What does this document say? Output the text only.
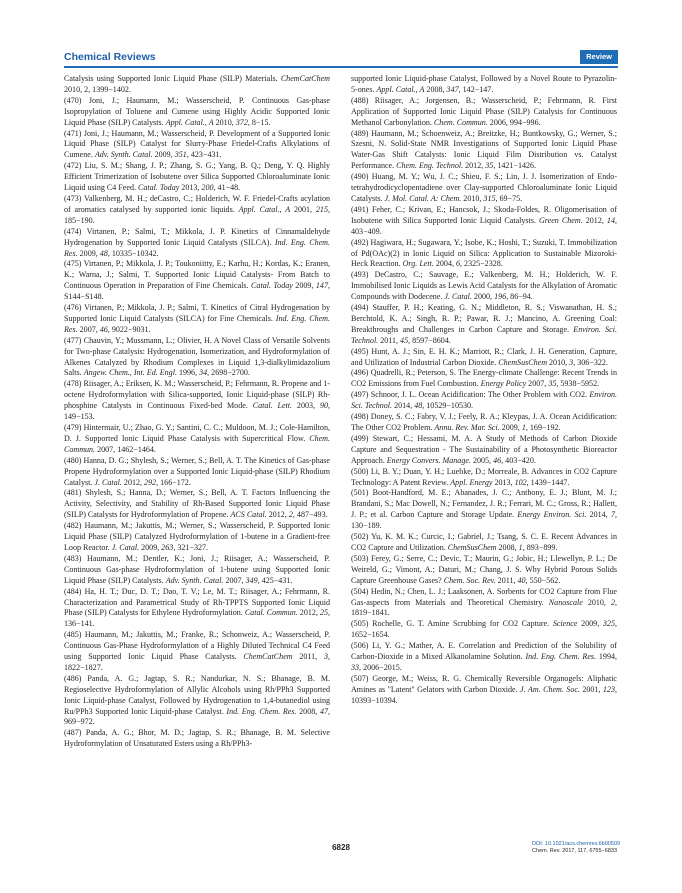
Chemical Reviews	Review

Catalysis using Supported Ionic Liquid Phase (SILP) Materials. ChemCatChem 2010, 2, 1399−1402.

(470) Joni, J.; Haumann, M.; Wasserscheid, P. Continuous Gas-phase Isopropylation of Toluene and Cumene using Highly Acidic Supported Ionic Liquid Phase (SILP) Catalysts. Appl. Catal., A 2010, 372, 8−15.

(471) Joni, J.; Haumann, M.; Wasserscheid, P. Development of a Supported Ionic Liquid Phase (SILP) Catalyst for Slurry-Phase Friedel-Crafts Alkylations of Cumene. Adv. Synth. Catal. 2009, 351, 423−431.

(472) Liu, S. M.; Shang, J. P.; Zhang, S. G.; Yang, B. Q.; Deng, Y. Q. Highly Efficient Trimerization of Isobutene over Silica Supported Chloroaluminate Ionic Liquid using C4 Feed. Catal. Today 2013, 200, 41−48.

(473) Valkenberg, M. H.; deCastro, C.; Holderich, W. F. Friedel-Crafts acylation of aromatics catalysed by supported ionic liquids. Appl. Catal., A 2001, 215, 185−190.

(474) Virtanen, P.; Salmi, T.; Mikkola, J. P. Kinetics of Cinnamaldehyde Hydrogenation by Supported Ionic Liquid Catalysts (SILCA). Ind. Eng. Chem. Res. 2009, 48, 10335−10342.

(475) Virtanen, P.; Mikkola, J. P.; Toukoniitty, E.; Karhu, H.; Kordas, K.; Eranen, K.; Warna, J.; Salmi, T. Supported Ionic Liquid Catalysts- From Batch to Continuous Operation in Preparation of Fine Chemicals. Catal. Today 2009, 147, S144−S148.

(476) Virtanen, P.; Mikkola, J. P.; Salmi, T. Kinetics of Citral Hydrogenation by Supported Ionic Liquid Catalysts (SILCA) for Fine Chemicals. Ind. Eng. Chem. Res. 2007, 46, 9022−9031.

(477) Chauvin, Y.; Mussmann, L.; Olivier, H. A Novel Class of Versatile Solvents for Two-phase Catalysis: Hydrogenation, Isomerization, and Hydroformylation of Alkenes Catalyzed by Rhodium Complexes in Liquid 1,3-dialkylimidazolium Salts. Angew. Chem., Int. Ed. Engl. 1996, 34, 2698−2700.

(478) Riisager, A.; Eriksen, K. M.; Wasserscheid, P.; Fehrmann, R. Propene and 1-octene Hydroformylation with Silica-supported, Ionic Liquid-phase (SILP) Rh-phosphine Catalysts in Continuous Fixed-bed Mode. Catal. Lett. 2003, 90, 149−153.

(479) Hintermair, U.; Zhao, G. Y.; Santini, C. C.; Muldoon, M. J.; Cole-Hamilton, D. J. Supported Ionic Liquid Phase Catalysis with Supercritical Flow. Chem. Commun. 2007, 1462−1464.

(480) Hanna, D. G.; Shylesh, S.; Werner, S.; Bell, A. T. The Kinetics of Gas-phase Propene Hydroformylation over a Supported Ionic Liquid-phase (SILP) Rhodium Catalyst. J. Catal. 2012, 292, 166−172.

(481) Shylesh, S.; Hanna, D.; Werner, S.; Bell, A. T. Factors Influencing the Activity, Selectivity, and Stability of Rh-Based Supported Ionic Liquid Phase (SILP) Catalysts for Hydroformylation of Propene. ACS Catal. 2012, 2, 487−493.

(482) Haumann, M.; Jakuttis, M.; Werner, S.; Wasserscheid, P. Supported Ionic Liquid Phase (SILP) Catalyzed Hydroformylation of 1-butene in a Gradient-free Loop Reactor. J. Catal. 2009, 263, 321−327.

(483) Haumann, M.; Dentler, K.; Joni, J.; Riisager, A.; Wasserscheid, P. Continuous Gas-phase Hydroformylation of 1-butene using Supported Ionic Liquid Phase (SILP) Catalysts. Adv. Synth. Catal. 2007, 349, 425−431.

(484) Ha, H. T.; Duc, D. T.; Dao, T. V.; Le, M. T.; Riisager, A.; Fehrmann, R. Characterization and Parametrical Study of Rh-TPPTS Supported Ionic Liquid Phase (SILP) Catalysts for Ethylene Hydroformylation. Catal. Commun. 2012, 25, 136−141.

(485) Haumann, M.; Jakuttis, M.; Franke, R.; Schonweiz, A.; Wasserscheid, P. Continuous Gas-Phase Hydroformylation of a Highly Diluted Technical C4 Feed using Supported Ionic Liquid Phase Catalysts. ChemCatChem 2011, 3, 1822−1827.

(486) Panda, A. G.; Jagtap, S. R.; Nandurkar, N. S.; Bhanage, B. M. Regioselective Hydroformylation of Allylic Alcohols using Rh/PPh3 Supported Ionic Liquid-phase Catalyst, Followed by Hydrogenation to 1,4-butanediol using Ru/PPh3 Supported Ionic Liquid-phase Catalyst. Ind. Eng. Chem. Res. 2008, 47, 969−972.

(487) Panda, A. G.; Bhor, M. D.; Jagtap, S. R.; Bhanage, B. M. Selective Hydroformylation of Unsaturated Esters using a Rh/PPh3-

supported Ionic Liquid-phase Catalyst, Followed by a Novel Route to Pyrazolin-5-ones. Appl. Catal., A 2008, 347, 142−147.

(488) Riisager, A.; Jorgensen, B.; Wasserscheid, P.; Fehrmann, R. First Application of Supported Ionic Liquid Phase (SILP) Catalysis for Continuous Methanol Carbonylation. Chem. Commun. 2006, 994−996.

(489) Haumann, M.; Schoenweiz, A.; Breitzke, H.; Buntkowsky, G.; Werner, S.; Szesni, N. Solid-State NMR Investigations of Supported Ionic Liquid Phase Water-Gas Shift Catalysts: Ionic Liquid Film Distribution vs. Catalyst Performance. Chem. Eng. Technol. 2012, 35, 1421−1426.

(490) Huang, M. Y.; Wu, J. C.; Shieu, F. S.; Lin, J. J. Isomerization of Endo-tetrahydrodicyclopentadiene over Clay-supported Chloroaluminate Ionic Liquid Catalysts. J. Mol. Catal. A: Chem. 2010, 315, 69−75.

(491) Feher, C.; Krivan, E.; Hancsok, J.; Skoda-Foldes, R. Oligomerisation of Isobutene with Silica Supported Ionic Liquid Catalysts. Green Chem. 2012, 14, 403−409.

(492) Hagiwara, H.; Sugawara, Y.; Isobe, K.; Hoshi, T.; Suzuki, T. Immobilization of Pd(OAc)(2) in Ionic Liquid on Silica: Application to Sustainable Mizoroki-Heck Reaction. Org. Lett. 2004, 6, 2325−2328.

(493) DeCastro, C.; Sauvage, E.; Valkenberg, M. H.; Holderich, W. F. Immobilised Ionic Liquids as Lewis Acid Catalysts for the Alkylation of Aromatic Compounds with Dodecene. J. Catal. 2000, 196, 86−94.

(494) Stauffer, P. H.; Keating, G. N.; Middleton, R. S.; Viswanathan, H. S.; Berchtold, K. A.; Singh, R. P.; Pawar, R. J.; Mancino, A. Greening Coal: Breakthroughs and Challenges in Carbon Capture and Storage. Environ. Sci. Technol. 2011, 45, 8597−8604.

(495) Hunt, A. J.; Sin, E. H. K.; Marriott, R.; Clark, J. H. Generation, Capture, and Utilization of Industrial Carbon Dioxide. ChemSusChem 2010, 3, 306−322.

(496) Quadrelli, R.; Peterson, S. The Energy-climate Challenge: Recent Trends in CO2 Emissions from Fuel Combustion. Energy Policy 2007, 35, 5938−5952.

(497) Schnoor, J. L. Ocean Acidification: The Other Problem with CO2. Environ. Sci. Technol. 2014, 48, 10529−10530.

(498) Doney, S. C.; Fabry, V. J.; Feely, R. A.; Kleypas, J. A. Ocean Acidification: The Other CO2 Problem. Annu. Rev. Mar. Sci. 2009, 1, 169−192.

(499) Stewart, C.; Hessami, M. A. A Study of Methods of Carbon Dioxide Capture and Sequestration - The Sustainability of a Photosynthetic Bioreactor Approach. Energy Convers. Manage. 2005, 46, 403−420.

(500) Li, B. Y.; Duan, Y. H.; Luebke, D.; Morreale, B. Advances in CO2 Capture Technology: A Patent Review. Appl. Energy 2013, 102, 1439−1447.

(501) Boot-Handford, M. E.; Abanades, J. C.; Anthony, E. J.; Blunt, M. J.; Brandani, S.; Mac Dowell, N.; Fernandez, J. R.; Ferrari, M. C.; Gross, R.; Hallett, J. P.; et al. Carbon Capture and Storage Update. Energy Environ. Sci. 2014, 7, 130−189.

(502) Yu, K. M. K.; Curcic, I.; Gabriel, J.; Tsang, S. C. E. Recent Advances in CO2 Capture and Utilization. ChemSusChem 2008, 1, 893−899.

(503) Ferey, G.; Serre, C.; Devic, T.; Maurin, G.; Jobic, H.; Llewellyn, P. L.; De Weireld, G.; Vimont, A.; Daturi, M.; Chang, J. S. Why Hybrid Porous Solids Capture Greenhouse Gases? Chem. Soc. Rev. 2011, 40, 550−562.

(504) Hedin, N.; Chen, L. J.; Laaksonen, A. Sorbents for CO2 Capture from Flue Gas-aspects from Materials and Theoretical Chemistry. Nanoscale 2010, 2, 1819−1841.

(505) Rochelle, G. T. Amine Scrubbing for CO2 Capture. Science 2009, 325, 1652−1654.

(506) Li, Y. G.; Mather, A. E. Correlation and Prediction of the Solubility of Carbon-Dioxide in a Mixed Alkanolamine Solution. Ind. Eng. Chem. Res. 1994, 33, 2006−2015.

(507) George, M.; Weiss, R. G. Chemically Reversible Organogels: Aliphatic Amines as "Latent" Gelators with Carbon Dioxide. J. Am. Chem. Soc. 2001, 123, 10393−10394.

6828	DOI: 10.1021/acs.chemrev.6b00509
Chem. Rev. 2017, 117, 6755−6833
